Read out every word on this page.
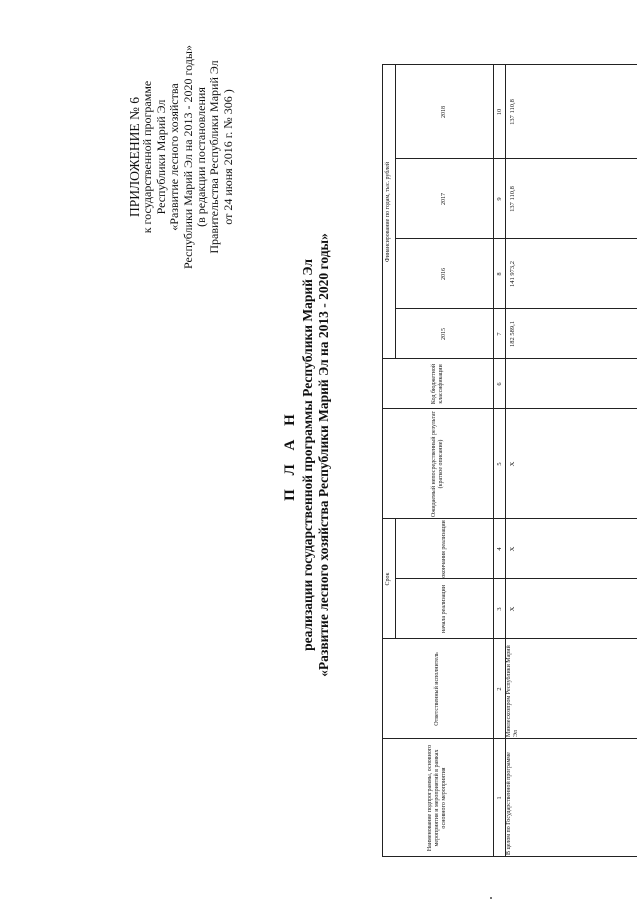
ПРИЛОЖЕНИЕ № 6
к государственной программе Республики Марий Эл «Развитие лесного хозяйства Республики Марий Эл на 2013 - 2020 годы» (в редакции постановления Правительства Республики Марий Эл от 24 июня 2016 г. № 306 )
П Л А Н реализации государственной программы Республики Марий Эл «Развитие лесного хозяйства Республики Марий Эл на 2013 - 2020 годы»
Наименование подпрограммы, основного мероприятия и мероприятий в рамках основного мероприятия
Ответственный исполнитель
Срок
начала реализации
окончания реализации
Ожидаемый непосредственный результат (краткое описание)
Код бюджетной классификации
Финансирование по годам, тыс. рублей
2015
2016
2017
2018
1
2
3
4
5
6
7
8
9
10
В целом по Государственной программе
Минлесхозпром Республики Марий Эл
X
X
X
182 589,1
141 973,2
137 110,8
137 110,8
